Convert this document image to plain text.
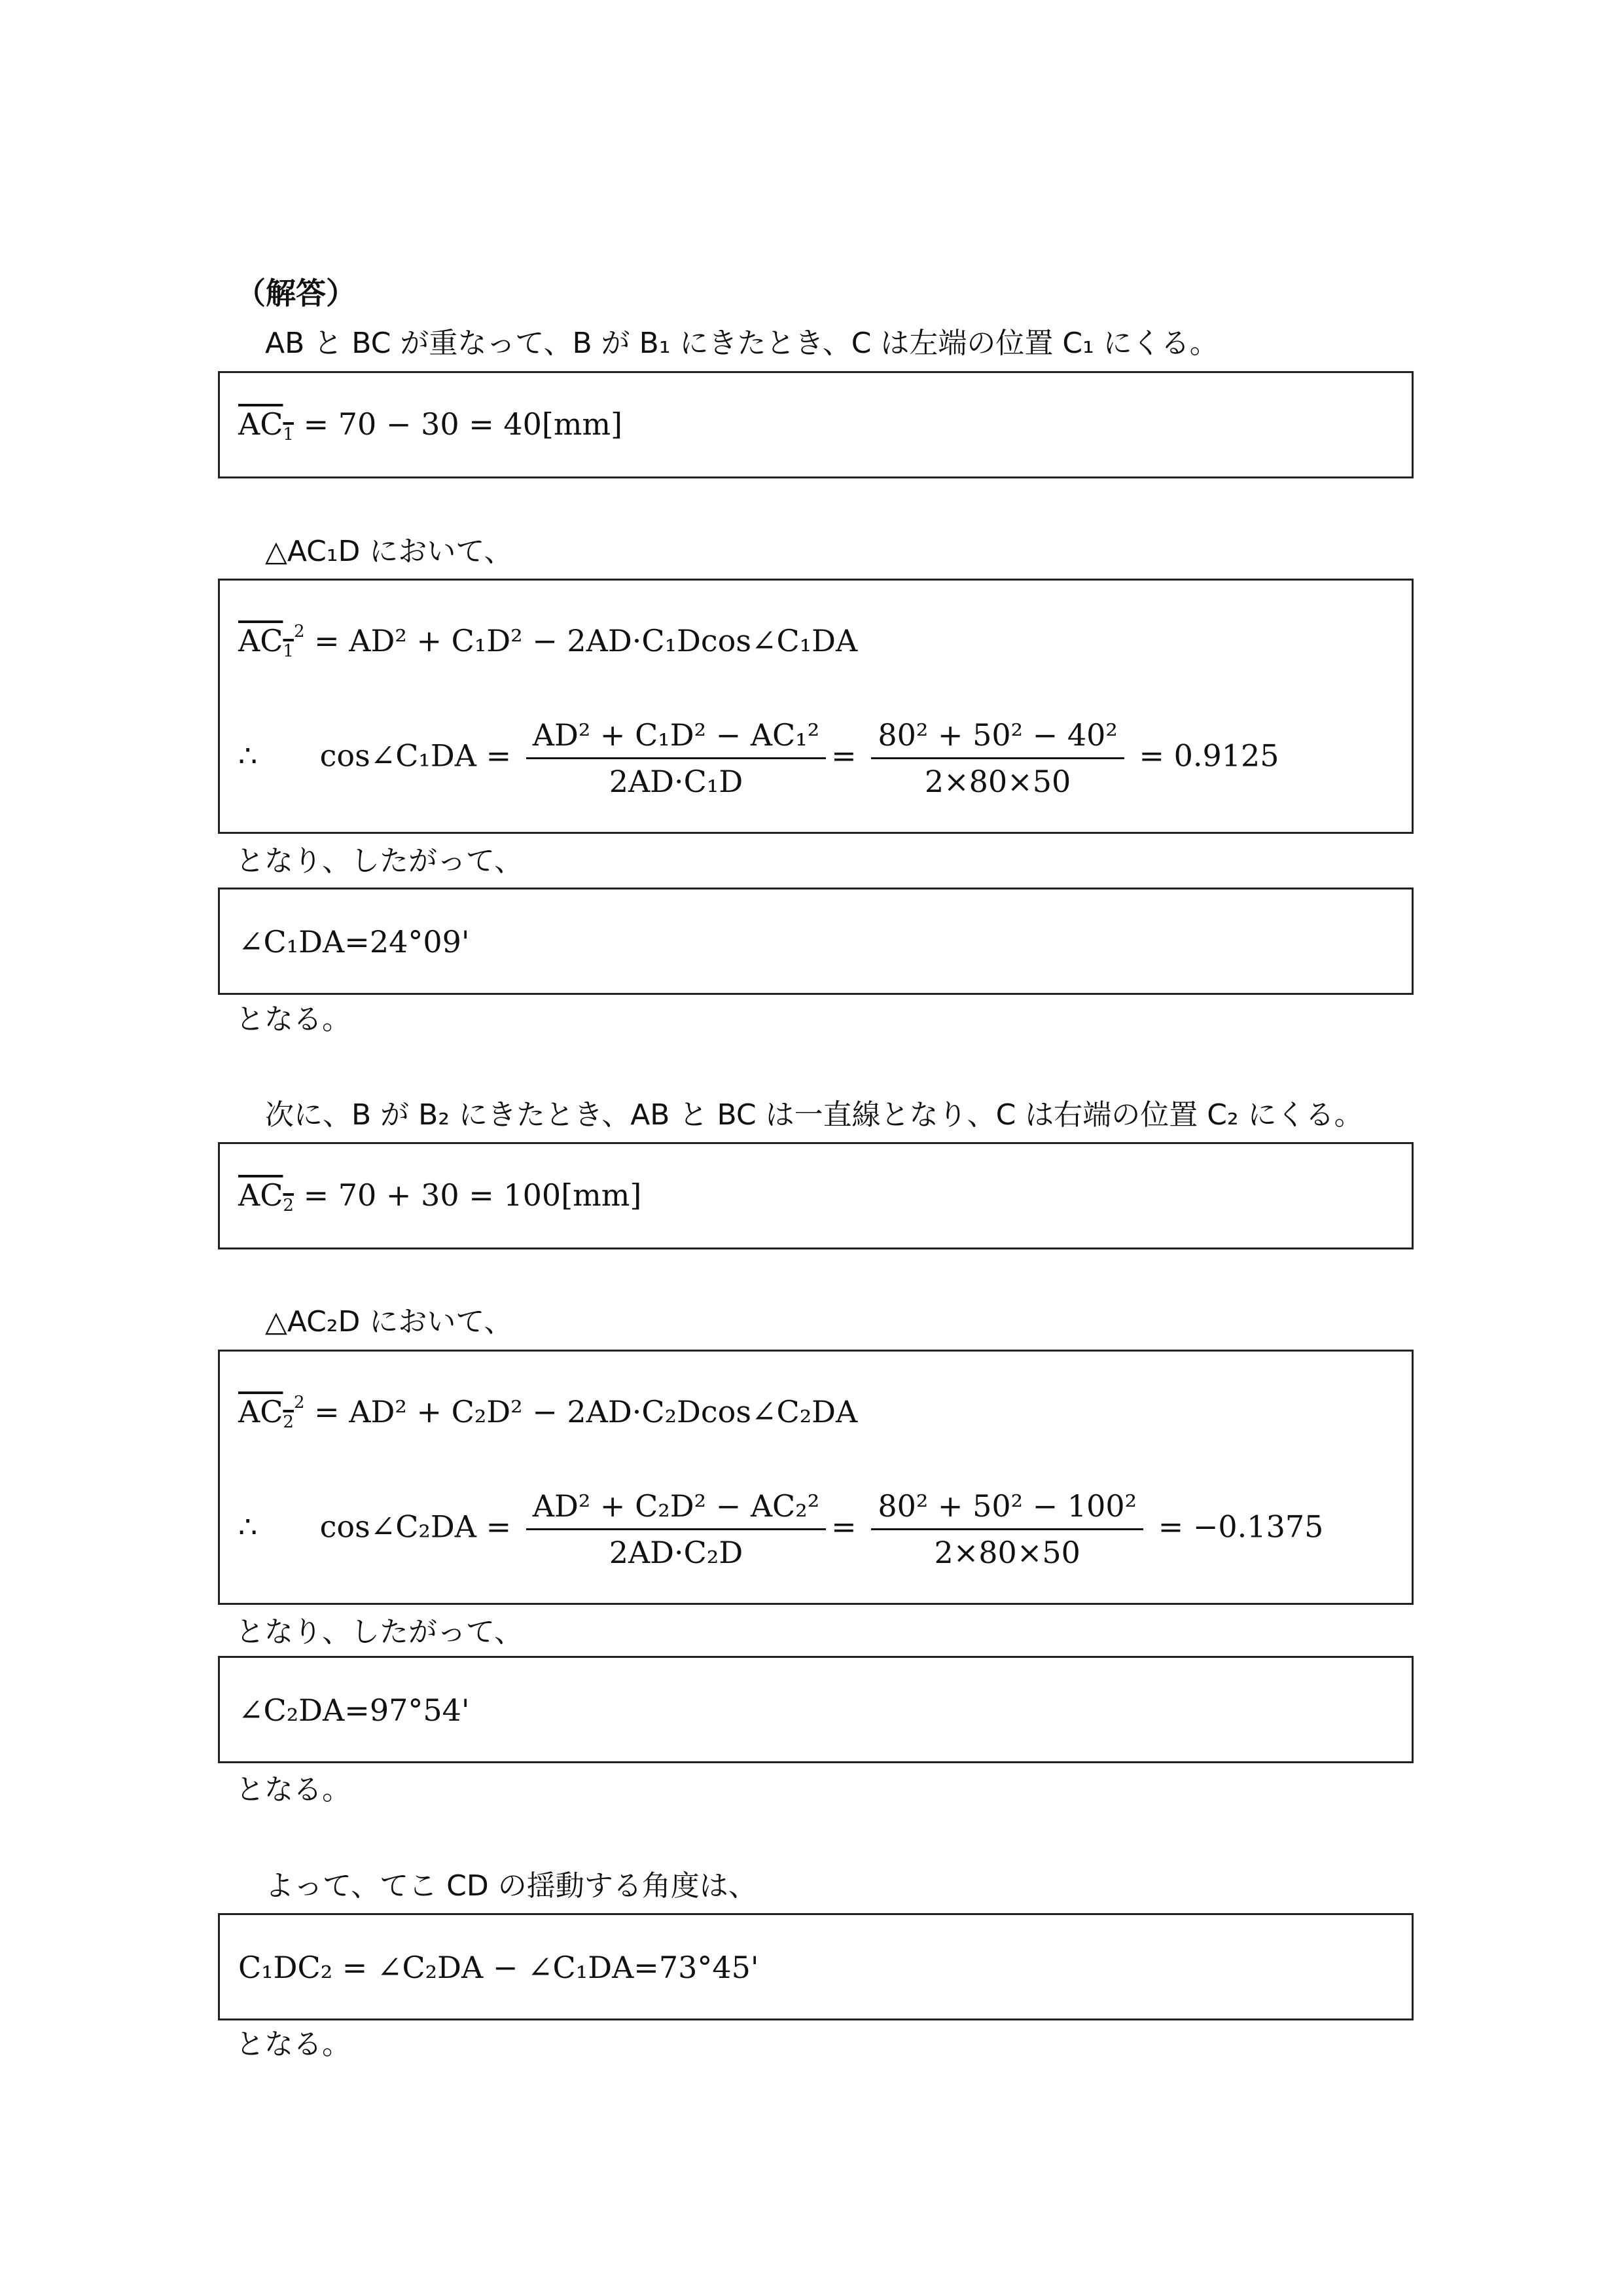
（解答）
AB と BC が重なって、B が B₁ にきたとき、C は左端の位置 C₁ にくる。
$AC_1 = 70 - 30 = 40[mm]$
△AC₁D において、
$AC_1^2 = AD^2 + C_1D^2$ − 2AD·C₁Dcos∠C₁DA
∴ cos∠C₁DA = $\frac{\text{AD² + C₁D² − AC₁²}}{\text{2AD·C₁D}} = \frac{\text{80² + 50² − 40²}}{2\times 80\times 50} = 0.9125$
となり、したがって、
∠C₁DA=24°09'
となる。
次に、B が B₂ にきたとき、AB と BC は一直線となり、C は右端の位置 C₂ にくる。
$AC_2 = 70 + 30 = 100[mm]$
△AC₂D において、
$AC_2^2 = AD^2 + C_2D^2$ − 2AD·C₂Dcos∠C₂DA
∴ cos∠C₂DA = $\frac{\text{AD² + C₂D² − AC₂²}}{\text{2AD·C₂D}} = \frac{\text{80² + 50² − 100²}}{2\times 80\times 50} = -0.1375$
となり、したがって、
∠C₂DA=97°54'
となる。
よって、てこ CD の揺動する角度は、
C₁DC₂ = ∠C₂DA − ∠C₁DA=73°45'
となる。
